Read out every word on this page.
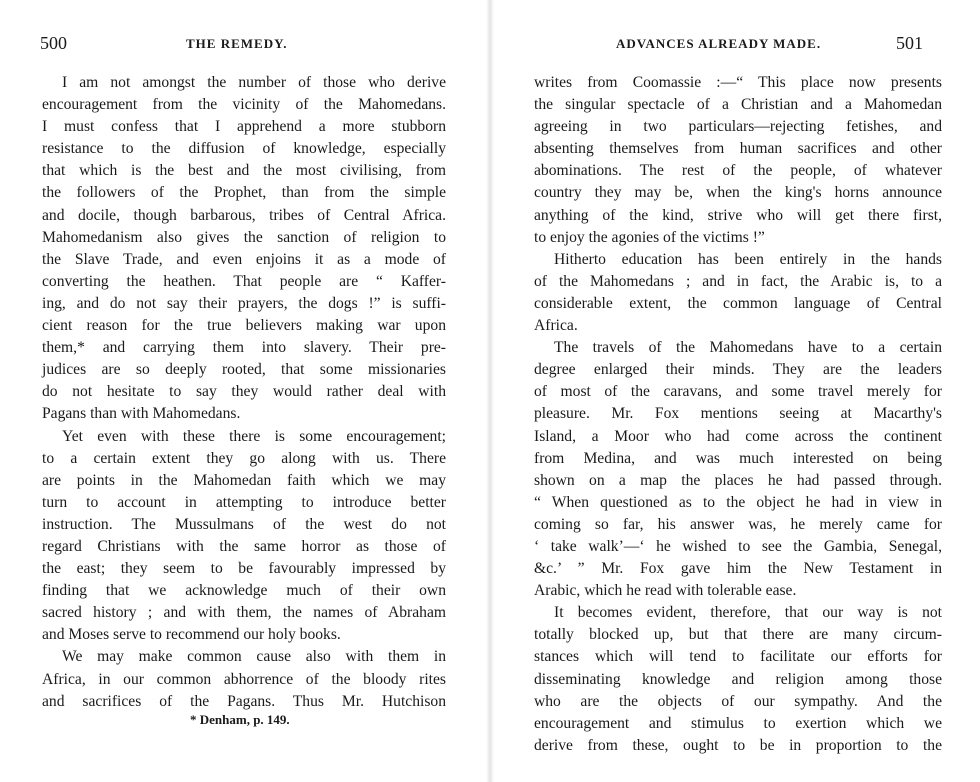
500	THE REMEDY.
I am not amongst the number of those who derive
encouragement from the vicinity of the Mahomedans.
I must confess that I apprehend a more stubborn
resistance to the diffusion of knowledge, especially
that which is the best and the most civilising, from
the followers of the Prophet, than from the simple
and docile, though barbarous, tribes of Central Africa.
Mahomedanism also gives the sanction of religion to
the Slave Trade, and even enjoins it as a mode of
converting the heathen. That people are “ Kaffer-
ing, and do not say their prayers, the dogs !” is suffi-
cient reason for the true believers making war upon
them,* and carrying them into slavery. Their pre-
judices are so deeply rooted, that some missionaries
do not hesitate to say they would rather deal with
Pagans than with Mahomedans.
Yet even with these there is some encouragement;
to a certain extent they go along with us. There
are points in the Mahomedan faith which we may
turn to account in attempting to introduce better
instruction. The Mussulmans of the west do not
regard Christians with the same horror as those of
the east; they seem to be favourably impressed by
finding that we acknowledge much of their own
sacred history ; and with them, the names of Abraham
and Moses serve to recommend our holy books.
We may make common cause also with them in
Africa, in our common abhorrence of the bloody rites
and sacrifices of the Pagans. Thus Mr. Hutchison
* Denham, p. 149.
ADVANCES ALREADY MADE.	501
writes from Coomassie :—“ This place now presents
the singular spectacle of a Christian and a Mahomedan
agreeing in two particulars—rejecting fetishes, and
absenting themselves from human sacrifices and other
abominations. The rest of the people, of whatever
country they may be, when the king's horns announce
anything of the kind, strive who will get there first,
to enjoy the agonies of the victims !”
Hitherto education has been entirely in the hands
of the Mahomedans ; and in fact, the Arabic is, to a
considerable extent, the common language of Central
Africa.
The travels of the Mahomedans have to a certain
degree enlarged their minds. They are the leaders
of most of the caravans, and some travel merely for
pleasure. Mr. Fox mentions seeing at Macarthy's
Island, a Moor who had come across the continent
from Medina, and was much interested on being
shown on a map the places he had passed through.
“ When questioned as to the object he had in view in
coming so far, his answer was, he merely came for
‘ take walk’—‘ he wished to see the Gambia, Senegal,
&c.’ ” Mr. Fox gave him the New Testament in
Arabic, which he read with tolerable ease.
It becomes evident, therefore, that our way is not
totally blocked up, but that there are many circum-
stances which will tend to facilitate our efforts for
disseminating knowledge and religion among those
who are the objects of our sympathy. And the
encouragement and stimulus to exertion which we
derive from these, ought to be in proportion to the
